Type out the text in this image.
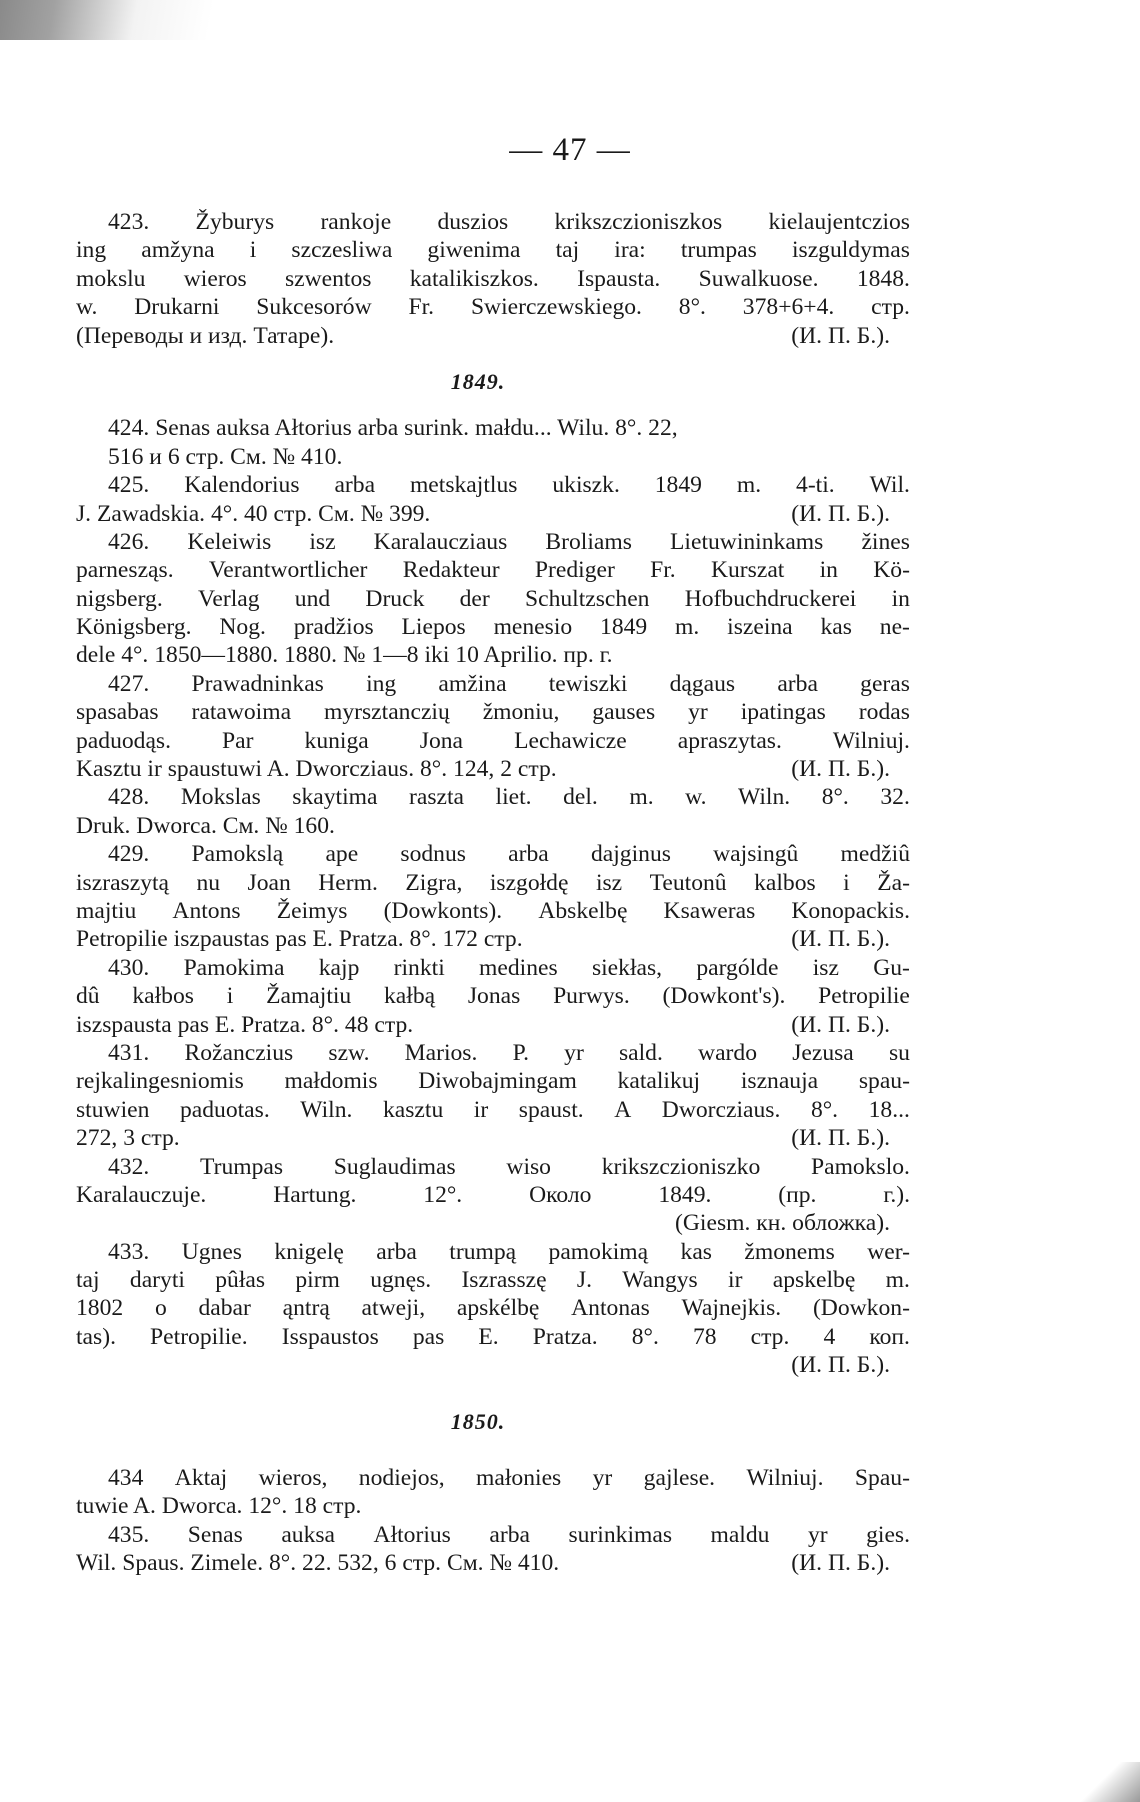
— 47 —
423. Žyburys rankoje duszios krikszczioniszkos kielaujentczios
ing amžyna i szczesliwa giwenima taj ira: trumpas iszguldymas
mokslu wieros szwentos katalikiszkos. Ispausta. Suwalkuose. 1848.
w. Drukarni Sukcesorów Fr. Swierczewskiego. 8°. 378+6+4. стр.
(Переводы и изд. Татаре).	(И. П. Б.).
1849.
424. Senas auksa Ałtorius arba surink. małdu... Wilu. 8°. 22,
516 и 6 стр. См. № 410.
425. Kalendorius arba metskajtlus ukiszk. 1849 m. 4-ti. Wil.
J. Zawadskia. 4°. 40 стр. См. № 399.	(И. П. Б.).
426. Keleiwis isz Karalaucziaus Broliams Lietuwininkams žines
parnesząs. Verantwortlicher Redakteur Prediger Fr. Kurszat in Kö-
nigsberg. Verlag und Druck der Schultzschen Hofbuchdruckerei in
Königsberg. Nog. pradžios Liepos menesio 1849 m. iszeina kas ne-
dele 4°. 1850—1880. 1880. № 1—8 iki 10 Aprilio. пр. г.
427. Prawadninkas ing amžina tewiszki dągaus arba geras
spasabas ratawoima myrsztanczių žmoniu, gauses yr ipatingas rodas
paduodąs. Par kuniga Jona Lechawicze apraszytas. Wilniuj.
Kasztu ir spaustuwi A. Dworcziaus. 8°. 124, 2 стр.	(И. П. Б.).
428. Mokslas skaytima raszta liet. del. m. w. Wiln. 8°. 32.
Druk. Dworca. См. № 160.
429. Pamokslą ape sodnus arba dajginus wajsingû medžiû
iszraszytą nu Joan Herm. Zigra, iszgołdę isz Teutonû kalbos i Ža-
majtiu Antons Žeimys (Dowkonts). Abskelbę Ksaweras Konopackis.
Petropilie iszpaustas pas E. Pratza. 8°. 172 стр.	(И. П. Б.).
430. Pamokima kajp rinkti medines siekłas, pargólde isz Gu-
dû kałbos i Žamajtiu kałbą Jonas Purwys. (Dowkont's). Petropilie
iszspausta pas E. Pratza. 8°. 48 стр.	(И. П. Б.).
431. Rožanczius szw. Marios. P. yr sald. wardo Jezusa su
rejkalingesniomis małdomis Diwobajmingam katalikuj isznauja spau-
stuwien paduotas. Wiln. kasztu ir spaust. A Dworcziaus. 8°. 18...
272, 3 стр.	(И. П. Б.).
432. Trumpas Suglaudimas wiso krikszczioniszko Pamokslo.
Karalauczuje.	Hartung.	12°.	Около	1849.	(пр.	г.).
(Giesm. кн. обложка).
433. Ugnes knigelę arba trumpą pamokimą kas žmonems wer-
taj daryti pûłas pirm ugnęs. Iszrasszę J. Wangys ir apskelbę m.
1802 o dabar ąntrą atweji, apskélbę Antonas Wajnejkis. (Dowkon-
tas). Petropilie. Isspaustos pas E. Pratza. 8°. 78 стр. 4 коп.
(И. П. Б.).
1850.
434 Aktaj wieros, nodiejos, małonies yr gajlese. Wilniuj. Spau-
tuwie A. Dworca. 12°. 18 стр.
435. Senas auksa Ałtorius arba surinkimas maldu yr gies.
Wil. Spaus. Zimele. 8°. 22. 532, 6 стр. См. № 410.	(И. П. Б.).
